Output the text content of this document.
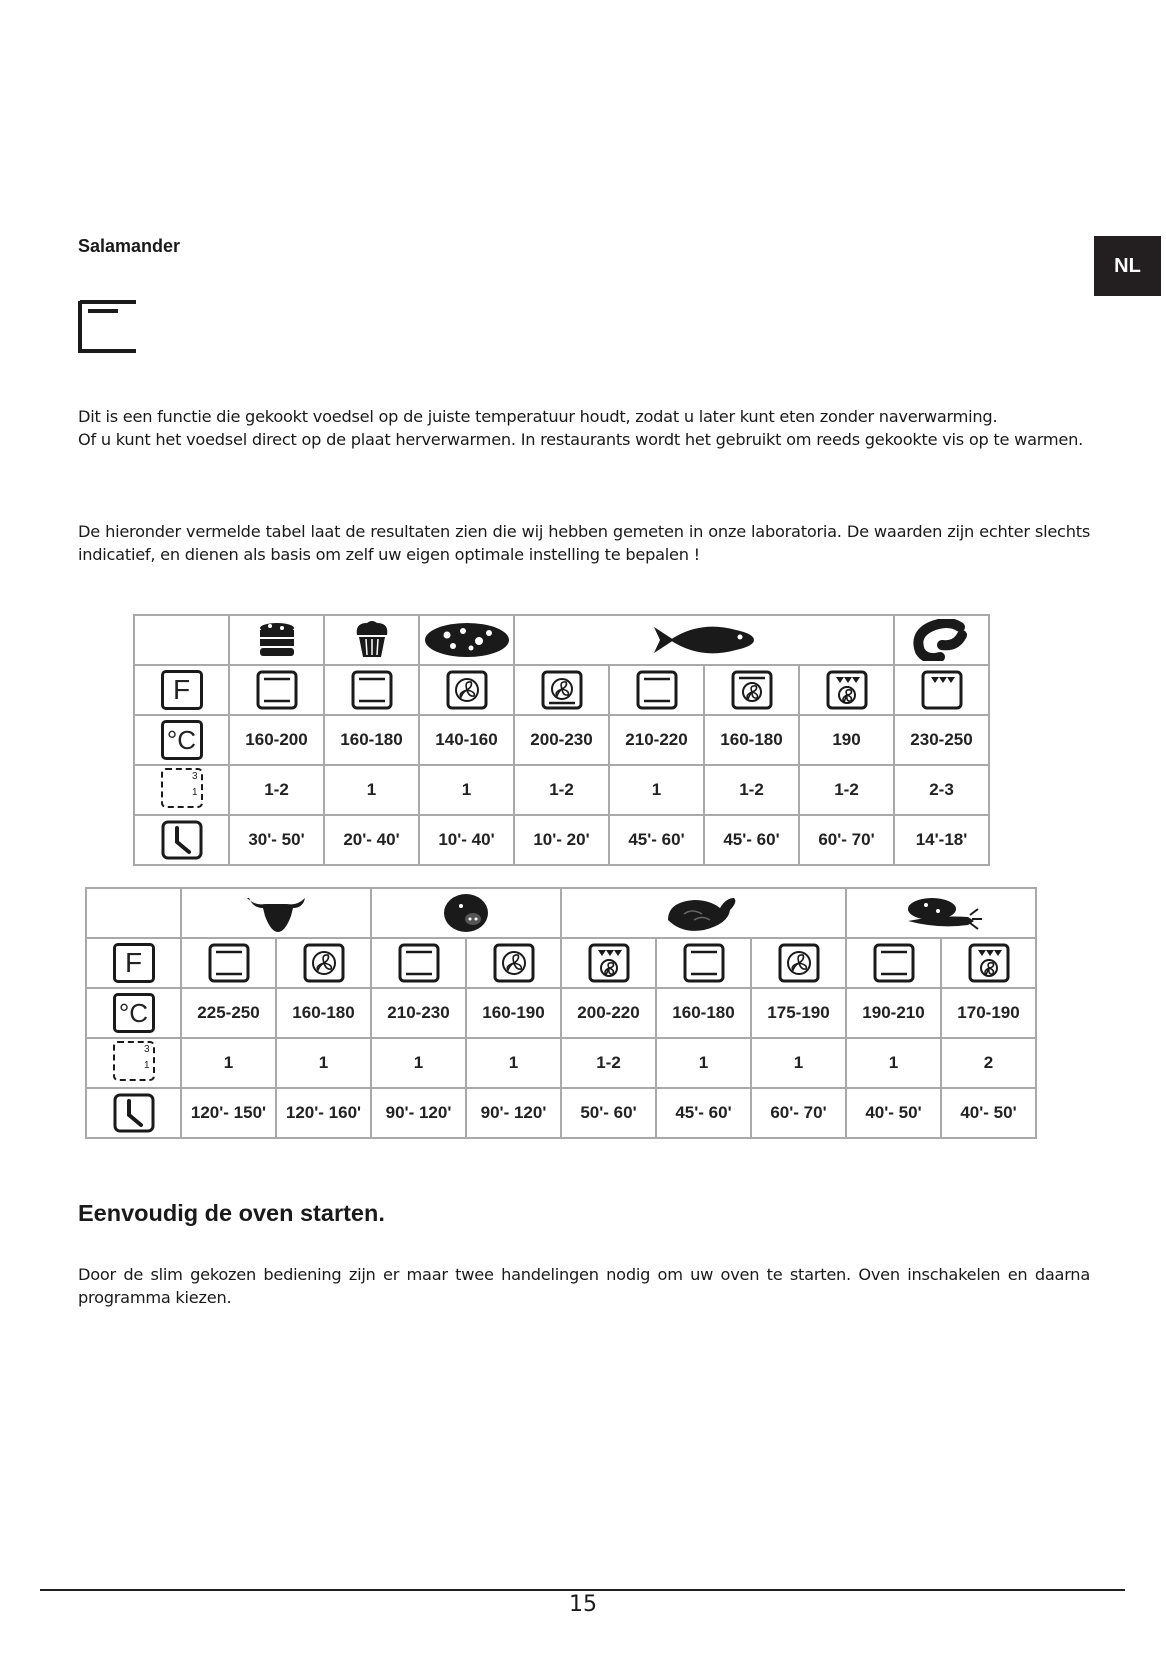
Salamander
NL
Dit is een functie die gekookt voedsel op de juiste temperatuur houdt, zodat u later kunt eten zonder naverwarming.
Of u kunt het voedsel direct op de plaat herverwarmen. In restaurants wordt het gebruikt om reeds gekookte vis op te warmen.
De hieronder vermelde tabel laat de resultaten zien die wij hebben gemeten in onze laboratoria. De waarden zijn echter slechts indicatief, en dienen als basis om zelf uw eigen optimale instelling te bepalen !

F	

°C	160-200	160-180	140-160	200-230	210-220	160-180	190	230-250

3
1	1-2	1	1	1-2	1	1-2	1-2	2-3

	30'- 50'	20'- 40'	10'- 40'	10'- 20'	45'- 60'	45'- 60'	60'- 70'	14'-18'

F	

°C	225-250	160-180	210-230	160-190	200-220	160-180	175-190	190-210	170-190

3
1	1	1	1	1	1-2	1	1	1	2

	120'- 150'	120'- 160'	90'- 120'	90'- 120'	50'- 60'	45'- 60'	60'- 70'	40'- 50'	40'- 50'
Eenvoudig de oven starten.
Door de slim gekozen bediening zijn er maar twee handelingen nodig om uw oven te starten. Oven inschakelen en daarna programma kiezen.
15
